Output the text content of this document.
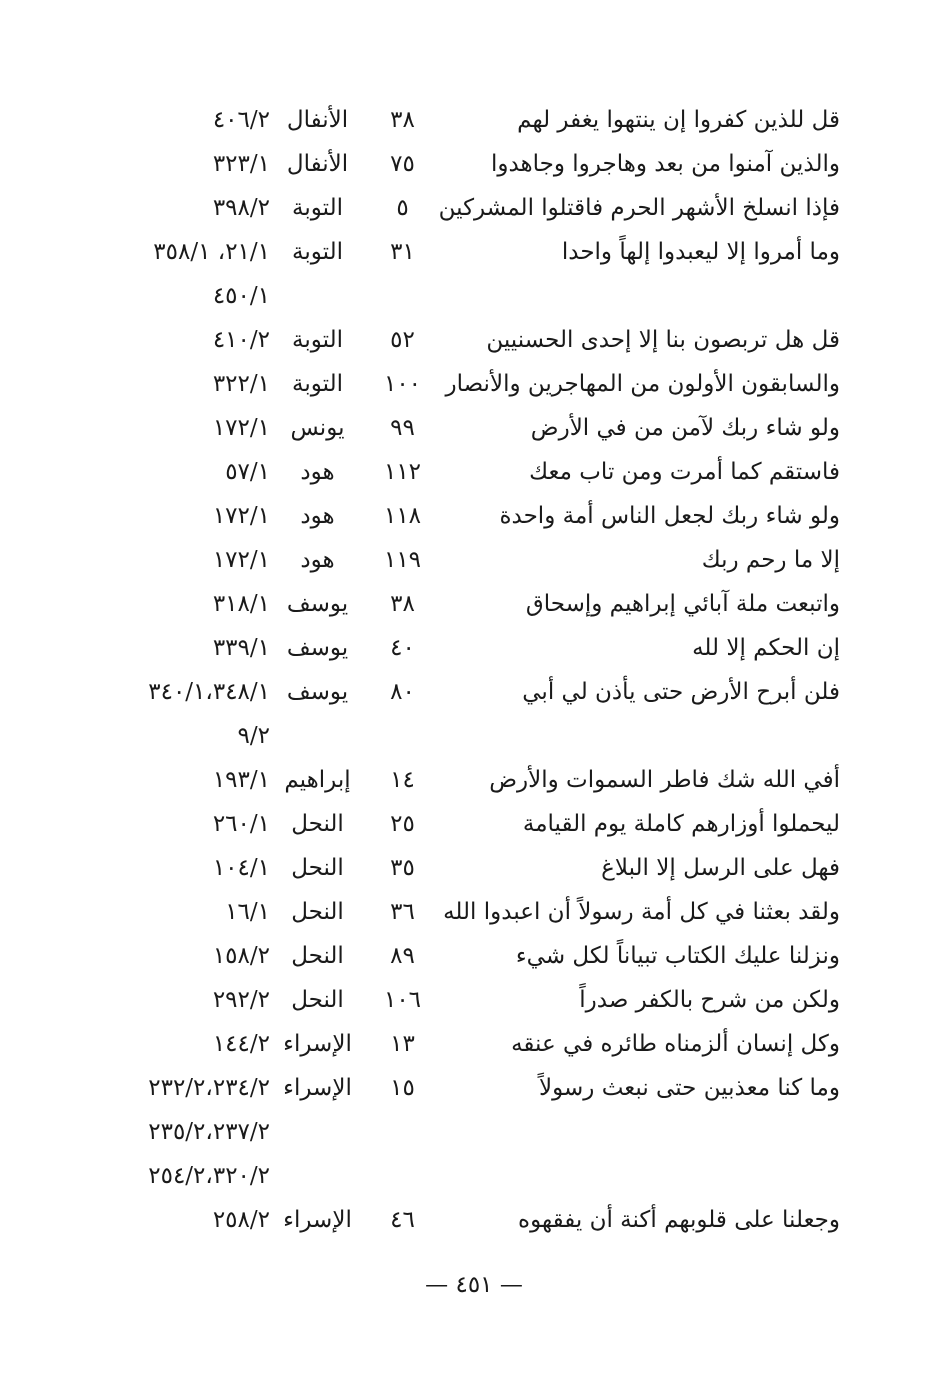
قل للذين كفروا إن ينتهوا يغفر لهم
٣٨
الأنفال
٤٠٦/٢
والذين آمنوا من بعد وهاجروا وجاهدوا
٧٥
الأنفال
٣٢٣/١
فإذا انسلخ الأشهر الحرم فاقتلوا المشركين
٥
التوبة
٣٩٨/٢
وما أمروا إلا ليعبدوا إلهاً واحدا
٣١
التوبة
٢١/١، ٣٥٨/١
٤٥٠/١
قل هل تربصون بنا إلا إحدى الحسنيين
٥٢
التوبة
٤١٠/٢
والسابقون الأولون من المهاجرين والأنصار
١٠٠
التوبة
٣٢٢/١
ولو شاء ربك لآمن من في الأرض
٩٩
يونس
١٧٢/١
فاستقم كما أمرت ومن تاب معك
١١٢
هود
٥٧/١
ولو شاء ربك لجعل الناس أمة واحدة
١١٨
هود
١٧٢/١
إلا ما رحم ربك
١١٩
هود
١٧٢/١
واتبعت ملة آبائي إبراهيم وإسحاق
٣٨
يوسف
٣١٨/١
إن الحكم إلا لله
٤٠
يوسف
٣٣٩/١
فلن أبرح الأرض حتى يأذن لي أبي
٨٠
يوسف
٣٤٠/١،٣٤٨/١
٩/٢
أفي الله شك فاطر السموات والأرض
١٤
إبراهيم
١٩٣/١
ليحملوا أوزارهم كاملة يوم القيامة
٢٥
النحل
٢٦٠/١
فهل على الرسل إلا البلاغ
٣٥
النحل
١٠٤/١
ولقد بعثنا في كل أمة رسولاً أن اعبدوا الله
٣٦
النحل
١٦/١
ونزلنا عليك الكتاب تبياناً لكل شيء
٨٩
النحل
١٥٨/٢
ولكن من شرح بالكفر صدراً
١٠٦
النحل
٢٩٢/٢
وكل إنسان ألزمناه طائره في عنقه
١٣
الإسراء
١٤٤/٢
وما كنا معذبين حتى نبعث رسولاً
١٥
الإسراء
٢٣٢/٢،٢٣٤/٢
٢٣٥/٢،٢٣٧/٢
٢٥٤/٢،٣٢٠/٢
وجعلنا على قلوبهم أكنة أن يفقهوه
٤٦
الإسراء
٢٥٨/٢
— ٤٥١ —
